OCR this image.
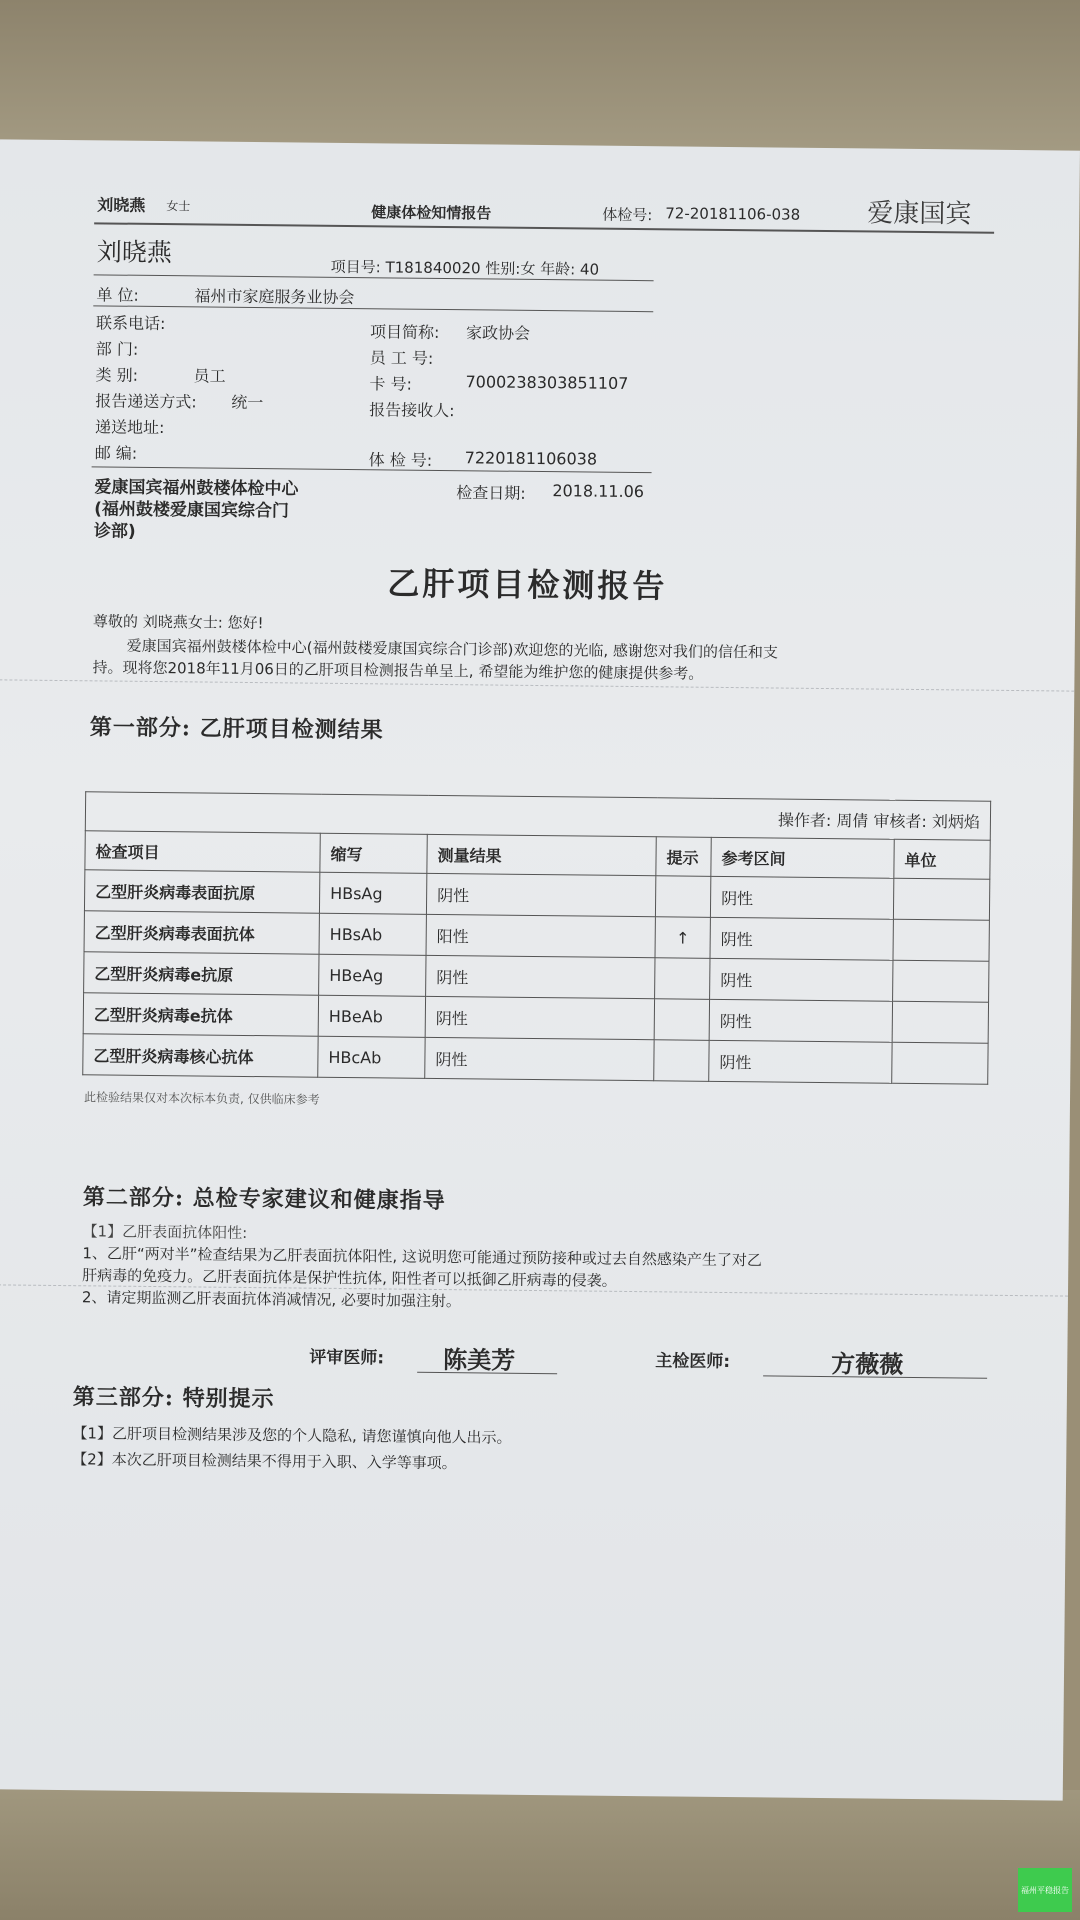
刘晓燕 女士	健康体检知情报告	体检号: 72-20181106-038	爱康国宾
刘晓燕
项目号: T181840020 性别:女 年龄: 40
单 位:	福州市家庭服务业协会
联系电话:
部 门:
类 别:	员工
报告递送方式: 统一
递送地址:
邮 编:
项目简称: 家政协会
员 工 号:
卡 号:	7000238303851107
报告接收人:
体 检 号: 7220181106038
爱康国宾福州鼓楼体检中心
(福州鼓楼爱康国宾综合门
诊部)
检查日期: 2018.11.06
乙肝项目检测报告
尊敬的 刘晓燕女士: 您好!
爱康国宾福州鼓楼体检中心(福州鼓楼爱康国宾综合门诊部)欢迎您的光临, 感谢您对我们的信任和支
持。现将您2018年11月06日的乙肝项目检测报告单呈上, 希望能为维护您的健康提供参考。
第一部分: 乙肝项目检测结果
操作者: 周倩 审核者: 刘炳焰					
检查项目	缩写	测量结果	提示	参考区间	单位
乙型肝炎病毒表面抗原	HBsAg	阴性		阴性	
乙型肝炎病毒表面抗体	HBsAb	阳性	↑	阴性	
乙型肝炎病毒e抗原	HBeAg	阴性		阴性	
乙型肝炎病毒e抗体	HBeAb	阴性		阴性	
乙型肝炎病毒核心抗体	HBcAb	阴性		阴性	
此检验结果仅对本次标本负责, 仅供临床参考
第二部分: 总检专家建议和健康指导
【1】乙肝表面抗体阳性:
1、乙肝“两对半”检查结果为乙肝表面抗体阳性, 这说明您可能通过预防接种或过去自然感染产生了对乙
肝病毒的免疫力。乙肝表面抗体是保护性抗体, 阳性者可以抵御乙肝病毒的侵袭。
2、请定期监测乙肝表面抗体消减情况, 必要时加强注射。
评审医师: 陈美芳	主检医师:	方薇薇
第三部分: 特别提示
【1】乙肝项目检测结果涉及您的个人隐私, 请您谨慎向他人出示。
【2】本次乙肝项目检测结果不得用于入职、入学等事项。
福州平稳报告
